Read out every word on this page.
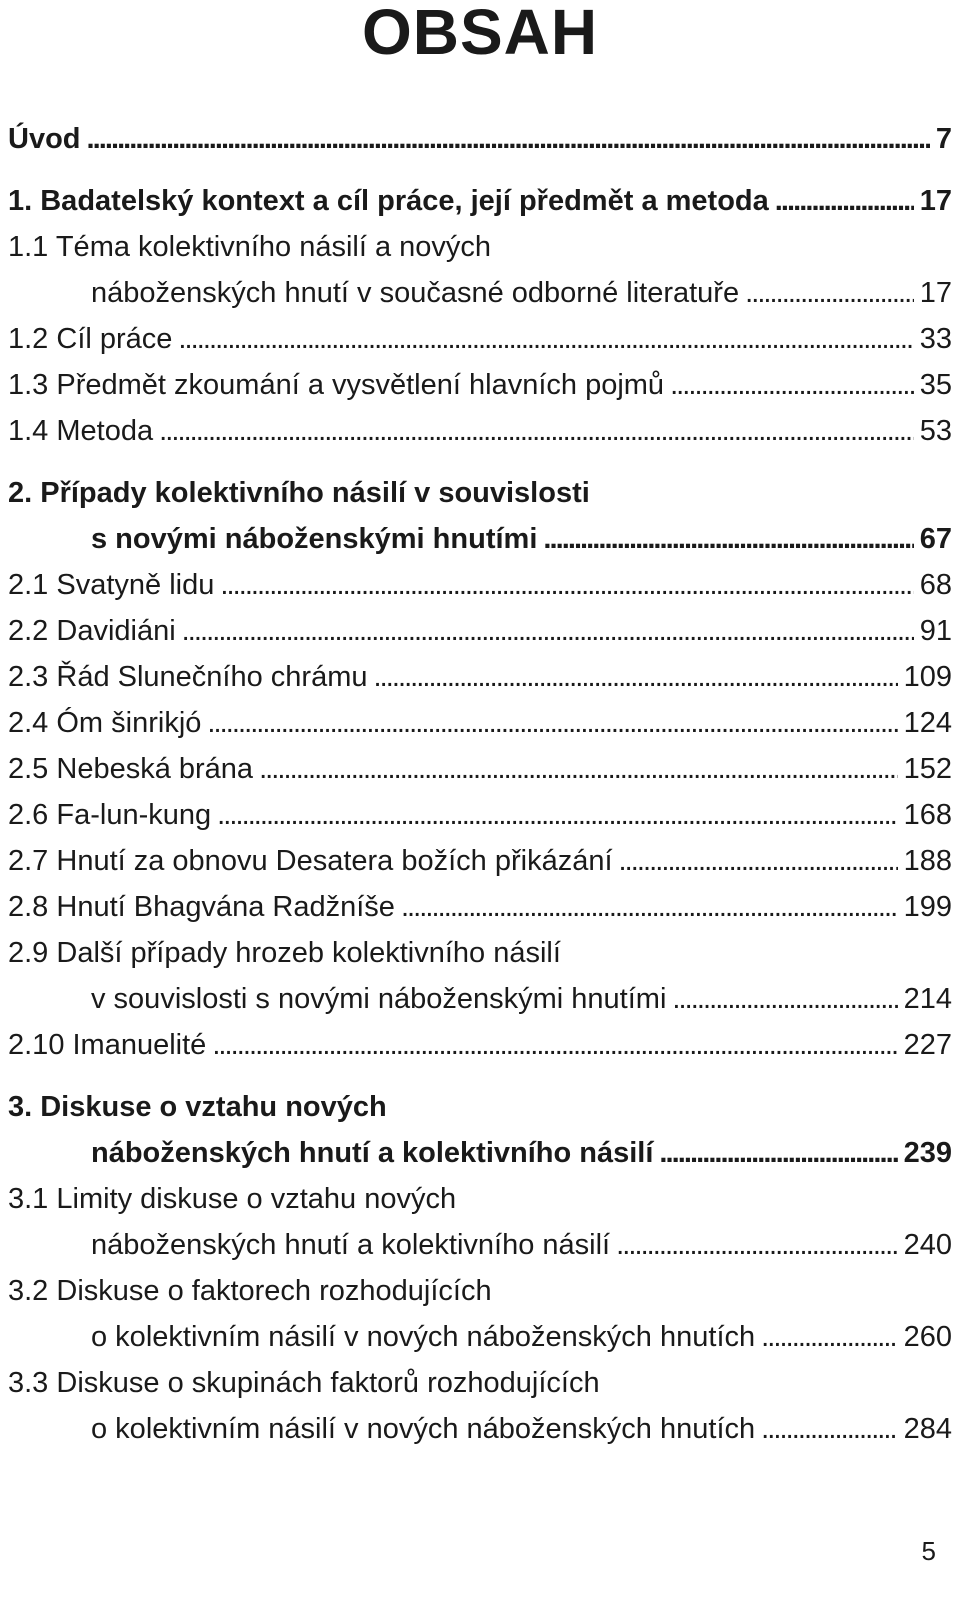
OBSAH
Úvod . . .	7
1. Badatelský kontext a cíl práce, její předmět a metoda . . .	17
1.1 Téma kolektivního násilí a nových
náboženských hnutí v současné odborné literatuře . . .	17
1.2 Cíl práce . . .	33
1.3 Předmět zkoumání a vysvětlení hlavních pojmů . . .	35
1.4 Metoda . . .	53
2. Případy kolektivního násilí v souvislosti
s novými náboženskými hnutími . . .	67
2.1 Svatyně lidu . . .	68
2.2 Davidiáni . . .	91
2.3 Řád Slunečního chrámu . . .	109
2.4 Óm šinrikjó . . .	124
2.5 Nebeská brána . . .	152
2.6 Fa-lun-kung . . .	168
2.7 Hnutí za obnovu Desatera božích přikázání . . .	188
2.8 Hnutí Bhagvána Radžníše . . .	199
2.9 Další případy hrozeb kolektivního násilí
v souvislosti s novými náboženskými hnutími . . .	214
2.10 Imanuelité . . .	227
3. Diskuse o vztahu nových
náboženských hnutí a kolektivního násilí . . .	239
3.1 Limity diskuse o vztahu nových
náboženských hnutí a kolektivního násilí . . .	240
3.2 Diskuse o faktorech rozhodujících
o kolektivním násilí v nových náboženských hnutích . . .	260
3.3 Diskuse o skupinách faktorů rozhodujících
o kolektivním násilí v nových náboženských hnutích . . .	284
5
